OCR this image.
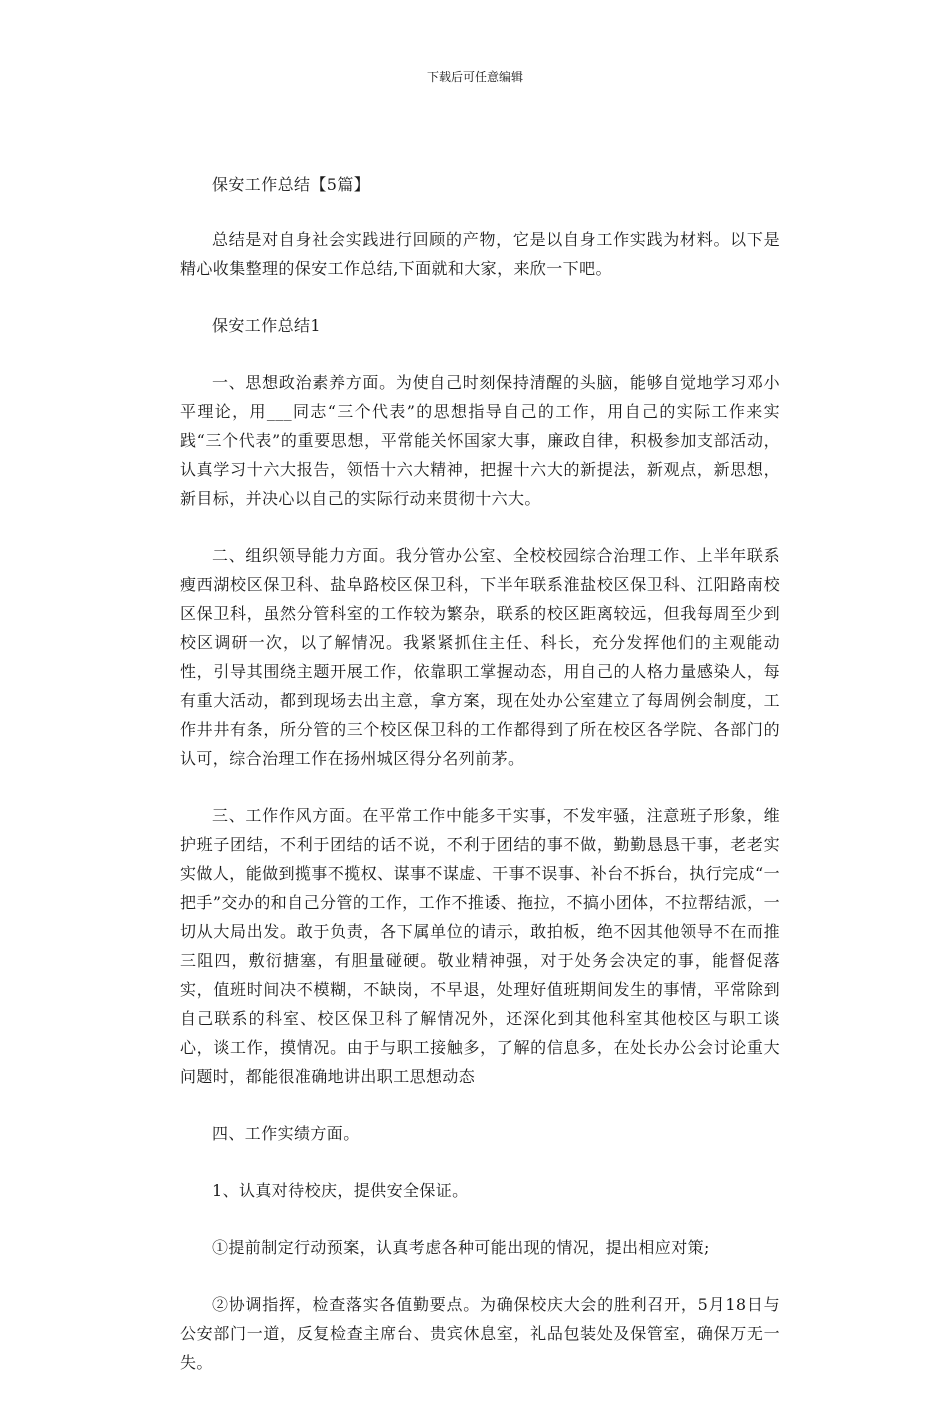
下载后可任意编辑

保安工作总结【5篇】

总结是对自身社会实践进行回顾的产物，它是以自身工作实践为材料。以下是精心收集整理的保安工作总结,下面就和大家，来欣一下吧。

保安工作总结1

一、思想政治素养方面。为使自己时刻保持清醒的头脑，能够自觉地学习邓小平理论，用___同志“三个代表”的思想指导自己的工作，用自己的实际工作来实践“三个代表”的重要思想，平常能关怀国家大事，廉政自律，积极参加支部活动，认真学习十六大报告，领悟十六大精神，把握十六大的新提法，新观点，新思想，新目标，并决心以自己的实际行动来贯彻十六大。

二、组织领导能力方面。我分管办公室、全校校园综合治理工作、上半年联系瘦西湖校区保卫科、盐阜路校区保卫科，下半年联系淮盐校区保卫科、江阳路南校区保卫科，虽然分管科室的工作较为繁杂，联系的校区距离较远，但我每周至少到校区调研一次，以了解情况。我紧紧抓住主任、科长，充分发挥他们的主观能动性，引导其围绕主题开展工作，依靠职工掌握动态，用自己的人格力量感染人，每有重大活动，都到现场去出主意，拿方案，现在处办公室建立了每周例会制度，工作井井有条，所分管的三个校区保卫科的工作都得到了所在校区各学院、各部门的认可，综合治理工作在扬州城区得分名列前茅。

三、工作作风方面。在平常工作中能多干实事，不发牢骚，注意班子形象，维护班子团结，不利于团结的话不说，不利于团结的事不做，勤勤恳恳干事，老老实实做人，能做到揽事不揽权、谋事不谋虚、干事不误事、补台不拆台，执行完成“一把手”交办的和自己分管的工作，工作不推诿、拖拉，不搞小团体，不拉帮结派，一切从大局出发。敢于负责，各下属单位的请示，敢拍板，绝不因其他领导不在而推三阻四，敷衍搪塞，有胆量碰硬。敬业精神强，对于处务会决定的事，能督促落实，值班时间决不模糊，不缺岗，不早退，处理好值班期间发生的事情，平常除到自己联系的科室、校区保卫科了解情况外，还深化到其他科室其他校区与职工谈心，谈工作，摸情况。由于与职工接触多，了解的信息多，在处长办公会讨论重大问题时，都能很准确地讲出职工思想动态

四、工作实绩方面。

1、认真对待校庆，提供安全保证。

①提前制定行动预案，认真考虑各种可能出现的情况，提出相应对策;

②协调指挥，检查落实各值勤要点。为确保校庆大会的胜利召开，5月18日与公安部门一道，反复检查主席台、贵宾休息室，礼品包装处及保管室，确保万无一失。
